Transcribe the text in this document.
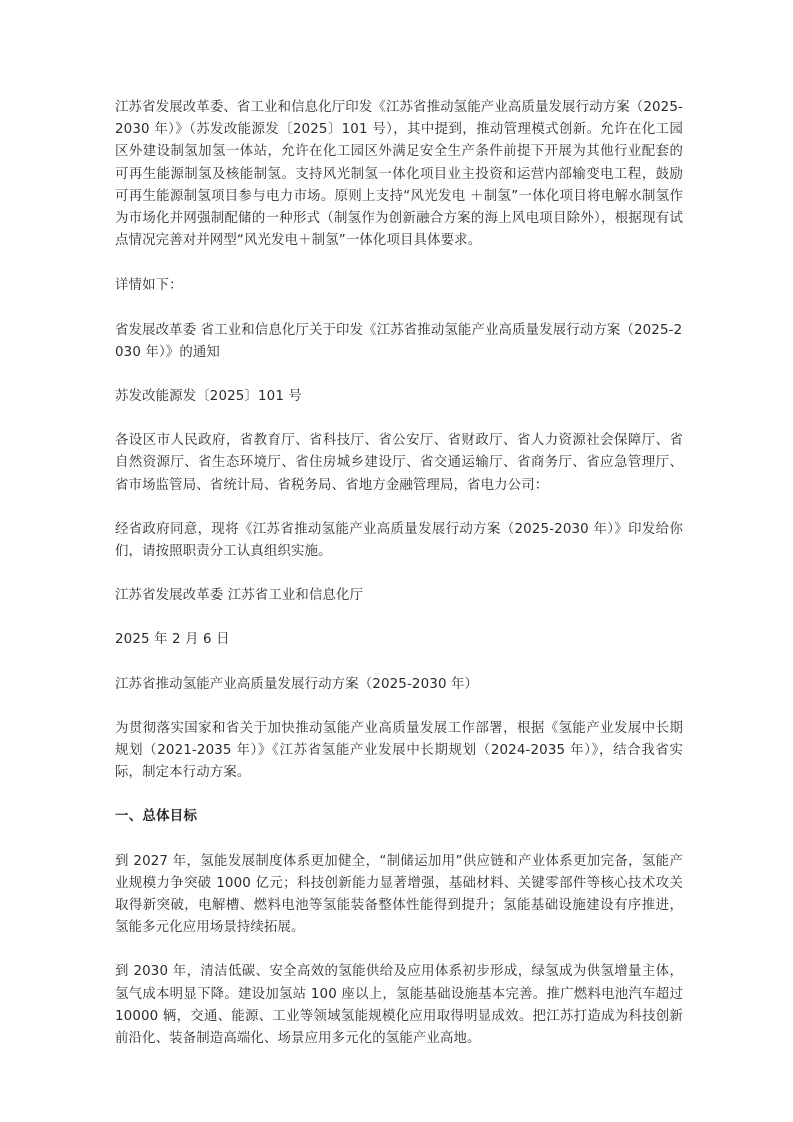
江苏省发展改革委、省工业和信息化厅印发《江苏省推动氢能产业高质量发展行动方案（2025-2030 年）》（苏发改能源发〔2025〕101 号），其中提到，推动管理模式创新。允许在化工园区外建设制氢加氢一体站，允许在化工园区外满足安全生产条件前提下开展为其他行业配套的可再生能源制氢及核能制氢。支持风光制氢一体化项目业主投资和运营内部输变电工程，鼓励可再生能源制氢项目参与电力市场。原则上支持“风光发电 ＋制氢”一体化项目将电解水制氢作为市场化并网强制配储的一种形式（制氢作为创新融合方案的海上风电项目除外），根据现有试点情况完善对并网型“风光发电＋制氢”一体化项目具体要求。

详情如下：

省发展改革委 省工业和信息化厅关于印发《江苏省推动氢能产业高质量发展行动方案（2025-2030 年）》的通知

苏发改能源发〔2025〕101 号

各设区市人民政府，省教育厅、省科技厅、省公安厅、省财政厅、省人力资源社会保障厅、省自然资源厅、省生态环境厅、省住房城乡建设厅、省交通运输厅、省商务厅、省应急管理厅、省市场监管局、省统计局、省税务局、省地方金融管理局，省电力公司：

经省政府同意，现将《江苏省推动氢能产业高质量发展行动方案（2025-2030 年）》印发给你们，请按照职责分工认真组织实施。

江苏省发展改革委 江苏省工业和信息化厅

2025 年 2 月 6 日

江苏省推动氢能产业高质量发展行动方案（2025-2030 年）

为贯彻落实国家和省关于加快推动氢能产业高质量发展工作部署，根据《氢能产业发展中长期规划（2021-2035 年）》《江苏省氢能产业发展中长期规划（2024-2035 年）》，结合我省实际，制定本行动方案。

一、总体目标

到 2027 年，氢能发展制度体系更加健全，“制储运加用”供应链和产业体系更加完备，氢能产业规模力争突破 1000 亿元；科技创新能力显著增强，基础材料、关键零部件等核心技术攻关取得新突破，电解槽、燃料电池等氢能装备整体性能得到提升；氢能基础设施建设有序推进，氢能多元化应用场景持续拓展。

到 2030 年，清洁低碳、安全高效的氢能供给及应用体系初步形成，绿氢成为供氢增量主体，氢气成本明显下降。建设加氢站 100 座以上，氢能基础设施基本完善。推广燃料电池汽车超过 10000 辆，交通、能源、工业等领域氢能规模化应用取得明显成效。把江苏打造成为科技创新前沿化、装备制造高端化、场景应用多元化的氢能产业高地。
